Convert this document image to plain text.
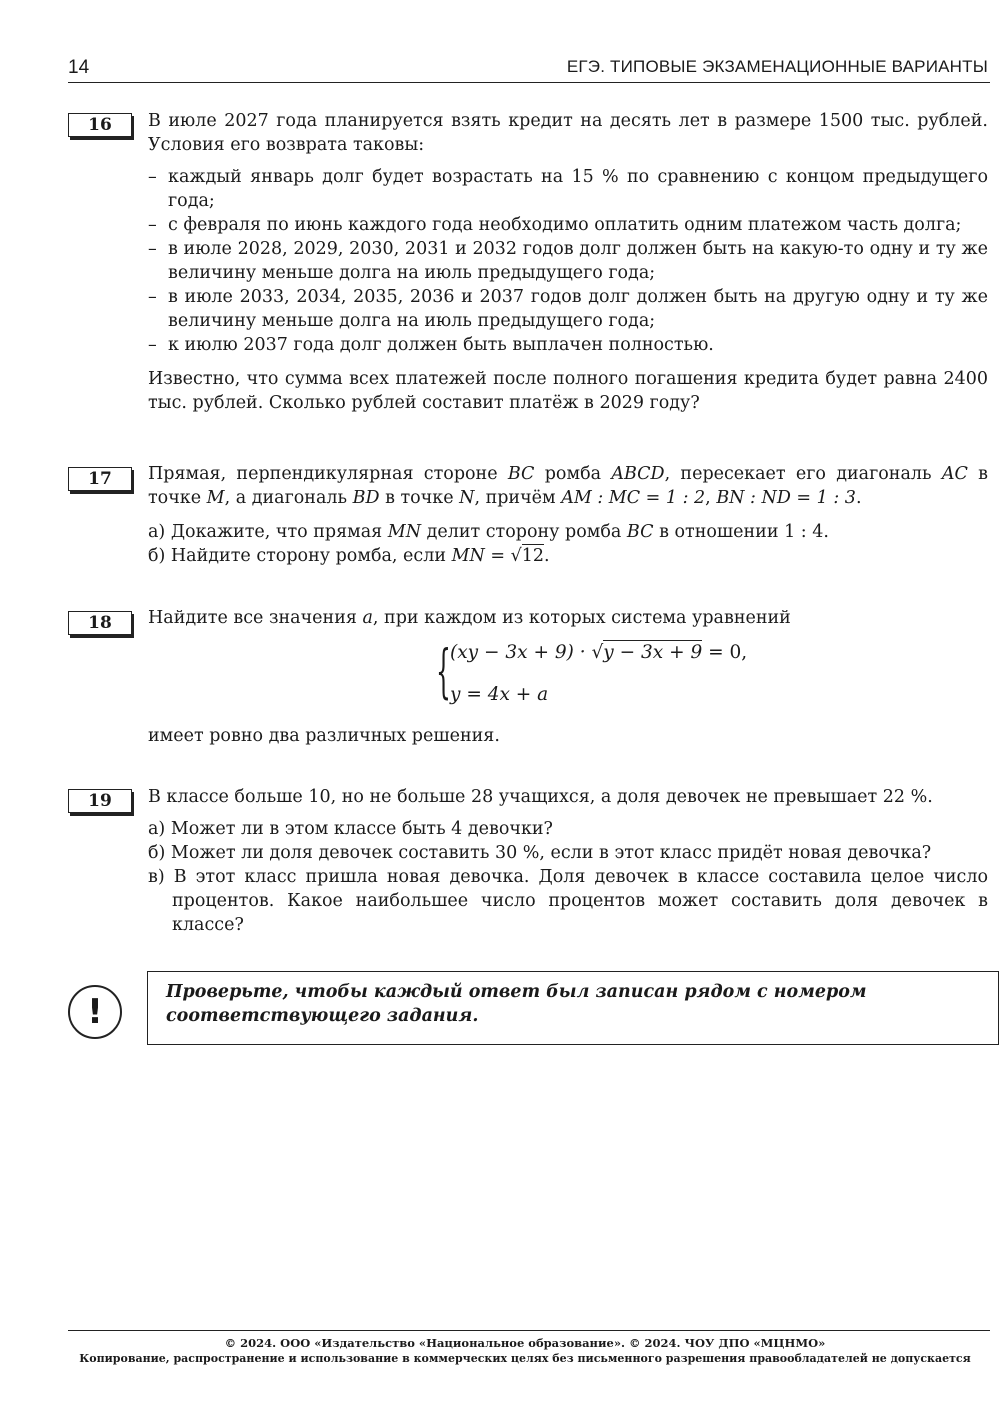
14	ЕГЭ. ТИПОВЫЕ ЭКЗАМЕНАЦИОННЫЕ ВАРИАНТЫ
16	В июле 2027 года планируется взять кредит на десять лет в размере 1500 тыс. рублей. Условия его возврата таковы:

– каждый январь долг будет возрастать на 15 % по сравнению с концом предыдущего года;
– с февраля по июнь каждого года необходимо оплатить одним платежом часть долга;
– в июле 2028, 2029, 2030, 2031 и 2032 годов долг должен быть на какую-то одну и ту же величину меньше долга на июль предыдущего года;
– в июле 2033, 2034, 2035, 2036 и 2037 годов долг должен быть на другую одну и ту же величину меньше долга на июль предыдущего года;
– к июлю 2037 года долг должен быть выплачен полностью.

Известно, что сумма всех платежей после полного погашения кредита будет равна 2400 тыс. рублей. Сколько рублей составит платёж в 2029 году?

17	Прямая, перпендикулярная стороне BC ромба ABCD, пересекает его диагональ AC в точке M, а диагональ BD в точке N, причём AM : MC = 1 : 2, BN : ND = 1 : 3.

а) Докажите, что прямая MN делит сторону ромба BC в отношении 1 : 4.

б) Найдите сторону ромба, если MN = √12.

18	Найдите все значения a, при каждом из которых система уравнений

{ (xy − 3x + 9) · √y − 3x + 9 = 0,
y = 4x + a

имеет ровно два различных решения.

19	В классе больше 10, но не больше 28 учащихся, а доля девочек не превышает 22 %.

а) Может ли в этом классе быть 4 девочки?
б) Может ли доля девочек составить 30 %, если в этот класс придёт новая девочка?
в) В этот класс пришла новая девочка. Доля девочек в классе составила целое число процентов. Какое наибольшее число процентов может составить доля девочек в классе?
!	Проверьте, чтобы каждый ответ был записан рядом с номером соответствующего задания.
© 2024. ООО «Издательство «Национальное образование». © 2024. ЧОУ ДПО «МЦНМО»
Копирование, распространение и использование в коммерческих целях без письменного разрешения правообладателей не допускается
